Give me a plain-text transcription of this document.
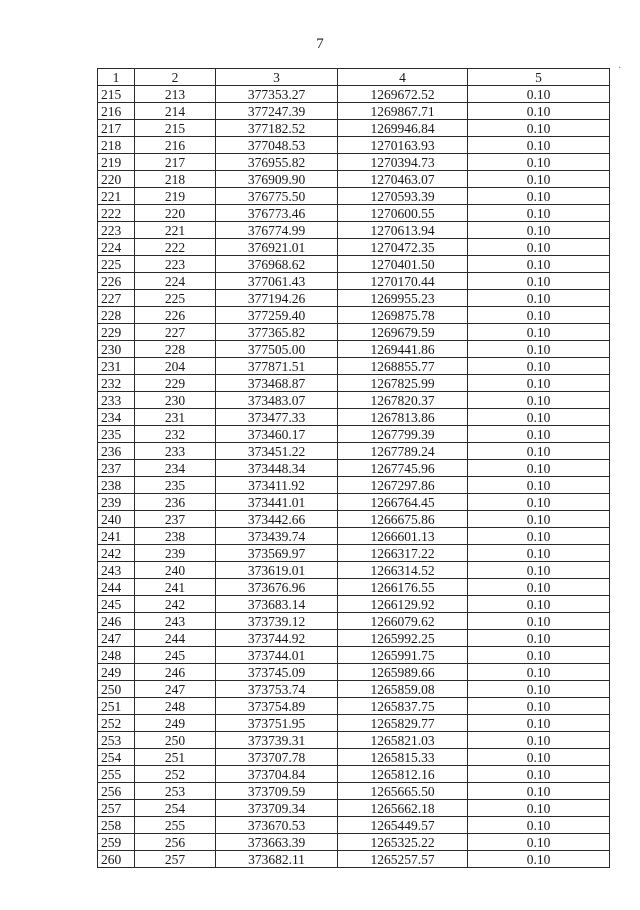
7
·
1	2	3	4	5
215	213	377353.27	1269672.52	0.10
216	214	377247.39	1269867.71	0.10
217	215	377182.52	1269946.84	0.10
218	216	377048.53	1270163.93	0.10
219	217	376955.82	1270394.73	0.10
220	218	376909.90	1270463.07	0.10
221	219	376775.50	1270593.39	0.10
222	220	376773.46	1270600.55	0.10
223	221	376774.99	1270613.94	0.10
224	222	376921.01	1270472.35	0.10
225	223	376968.62	1270401.50	0.10
226	224	377061.43	1270170.44	0.10
227	225	377194.26	1269955.23	0.10
228	226	377259.40	1269875.78	0.10
229	227	377365.82	1269679.59	0.10
230	228	377505.00	1269441.86	0.10
231	204	377871.51	1268855.77	0.10
232	229	373468.87	1267825.99	0.10
233	230	373483.07	1267820.37	0.10
234	231	373477.33	1267813.86	0.10
235	232	373460.17	1267799.39	0.10
236	233	373451.22	1267789.24	0.10
237	234	373448.34	1267745.96	0.10
238	235	373411.92	1267297.86	0.10
239	236	373441.01	1266764.45	0.10
240	237	373442.66	1266675.86	0.10
241	238	373439.74	1266601.13	0.10
242	239	373569.97	1266317.22	0.10
243	240	373619.01	1266314.52	0.10
244	241	373676.96	1266176.55	0.10
245	242	373683.14	1266129.92	0.10
246	243	373739.12	1266079.62	0.10
247	244	373744.92	1265992.25	0.10
248	245	373744.01	1265991.75	0.10
249	246	373745.09	1265989.66	0.10
250	247	373753.74	1265859.08	0.10
251	248	373754.89	1265837.75	0.10
252	249	373751.95	1265829.77	0.10
253	250	373739.31	1265821.03	0.10
254	251	373707.78	1265815.33	0.10
255	252	373704.84	1265812.16	0.10
256	253	373709.59	1265665.50	0.10
257	254	373709.34	1265662.18	0.10
258	255	373670.53	1265449.57	0.10
259	256	373663.39	1265325.22	0.10
260	257	373682.11	1265257.57	0.10
